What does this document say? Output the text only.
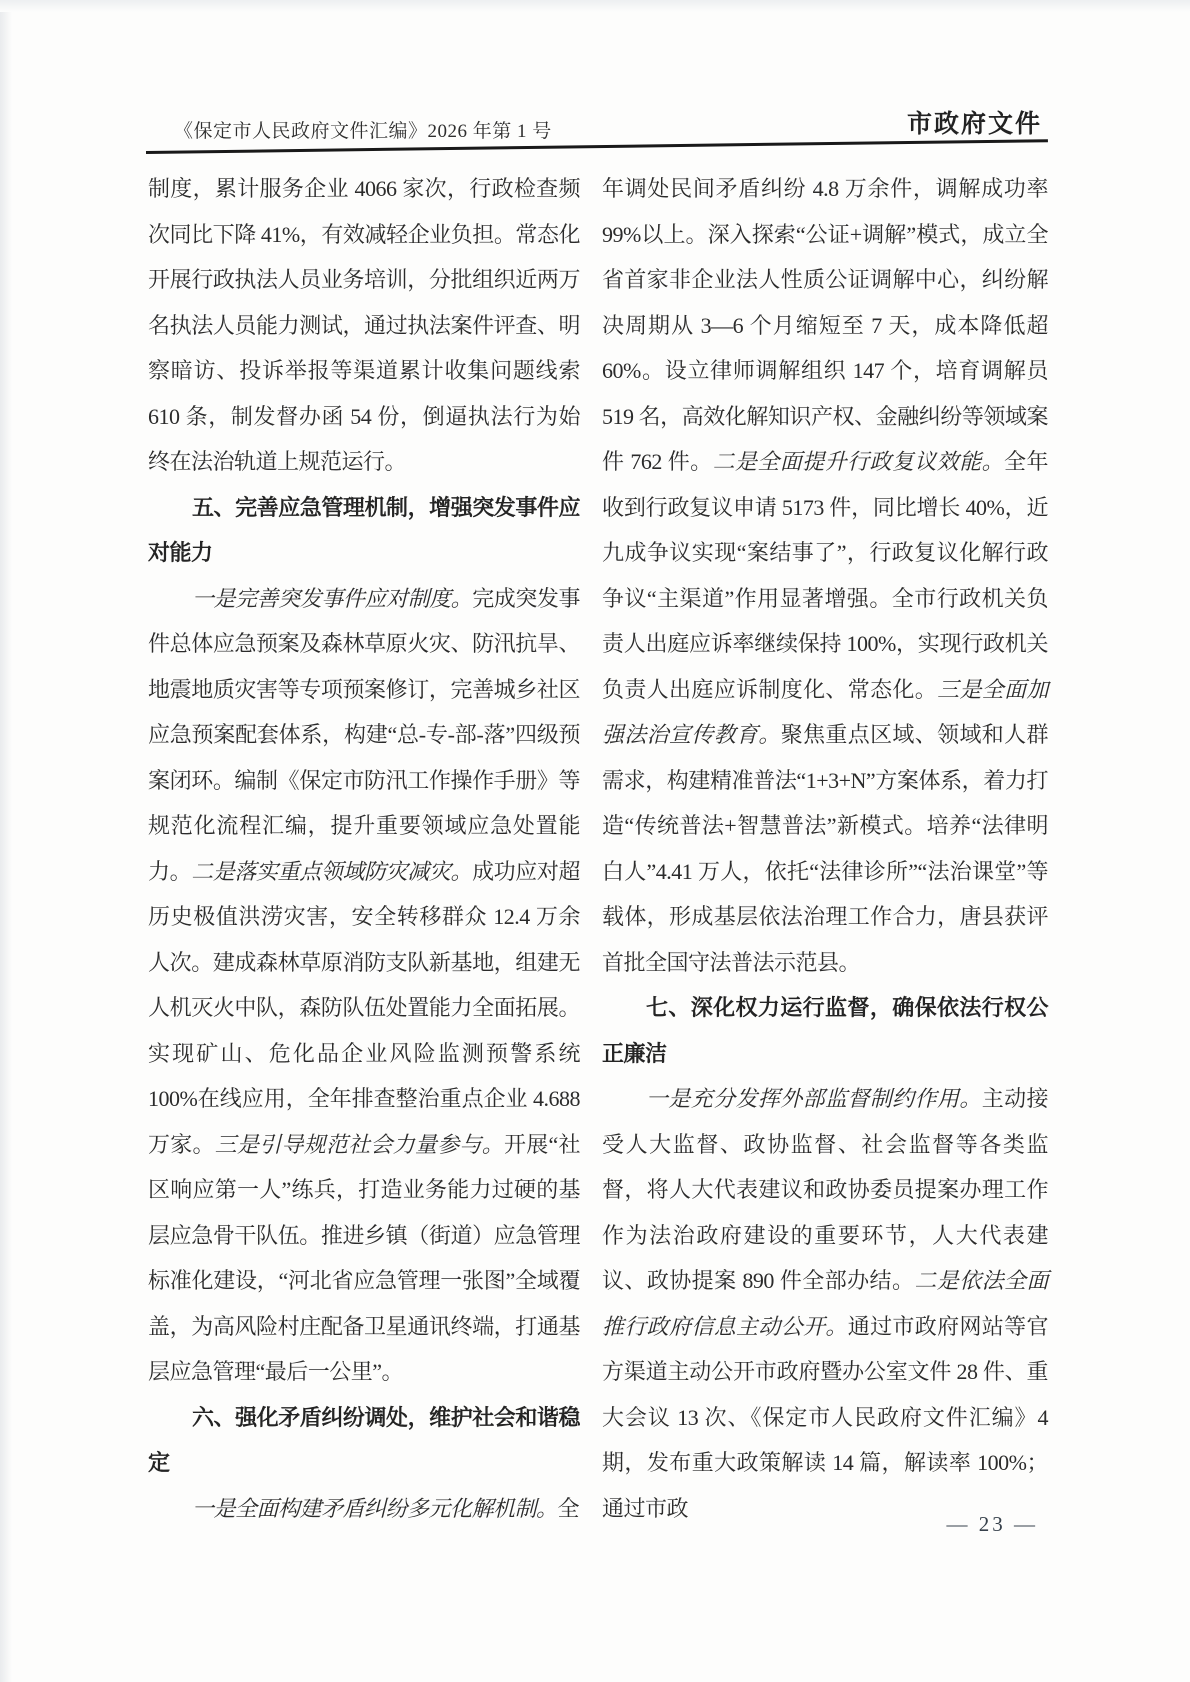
《保定市人民政府文件汇编》2026 年第 1 号	市政府文件

制度，累计服务企业 4066 家次，行政检查频次同比下降 41%，有效减轻企业负担。常态化开展行政执法人员业务培训，分批组织近两万名执法人员能力测试，通过执法案件评查、明察暗访、投诉举报等渠道累计收集问题线索 610 条，制发督办函 54 份，倒逼执法行为始终在法治轨道上规范运行。

五、完善应急管理机制，增强突发事件应对能力

一是完善突发事件应对制度。完成突发事件总体应急预案及森林草原火灾、防汛抗旱、地震地质灾害等专项预案修订，完善城乡社区应急预案配套体系，构建“总-专-部-落”四级预案闭环。编制《保定市防汛工作操作手册》等规范化流程汇编，提升重要领域应急处置能力。二是落实重点领域防灾减灾。成功应对超历史极值洪涝灾害，安全转移群众 12.4 万余人次。建成森林草原消防支队新基地，组建无人机灭火中队，森防队伍处置能力全面拓展。实现矿山、危化品企业风险监测预警系统 100%在线应用，全年排查整治重点企业 4.688 万家。三是引导规范社会力量参与。开展“社区响应第一人”练兵，打造业务能力过硬的基层应急骨干队伍。推进乡镇（街道）应急管理标准化建设，“河北省应急管理一张图”全域覆盖，为高风险村庄配备卫星通讯终端，打通基层应急管理“最后一公里”。

六、强化矛盾纠纷调处，维护社会和谐稳定

一是全面构建矛盾纠纷多元化解机制。全

年调处民间矛盾纠纷 4.8 万余件，调解成功率 99%以上。深入探索“公证+调解”模式，成立全省首家非企业法人性质公证调解中心，纠纷解决周期从 3—6 个月缩短至 7 天，成本降低超 60%。设立律师调解组织 147 个，培育调解员 519 名，高效化解知识产权、金融纠纷等领域案件 762 件。二是全面提升行政复议效能。全年收到行政复议申请 5173 件，同比增长 40%，近九成争议实现“案结事了”，行政复议化解行政争议“主渠道”作用显著增强。全市行政机关负责人出庭应诉率继续保持 100%，实现行政机关负责人出庭应诉制度化、常态化。三是全面加强法治宣传教育。聚焦重点区域、领域和人群需求，构建精准普法“1+3+N”方案体系，着力打造“传统普法+智慧普法”新模式。培养“法律明白人”4.41 万人，依托“法律诊所”“法治课堂”等载体，形成基层依法治理工作合力，唐县获评首批全国守法普法示范县。

七、深化权力运行监督，确保依法行权公正廉洁

一是充分发挥外部监督制约作用。主动接受人大监督、政协监督、社会监督等各类监督，将人大代表建议和政协委员提案办理工作作为法治政府建设的重要环节，人大代表建议、政协提案 890 件全部办结。二是依法全面推行政府信息主动公开。通过市政府网站等官方渠道主动公开市政府暨办公室文件 28 件、重大会议 13 次、《保定市人民政府文件汇编》4 期，发布重大政策解读 14 篇，解读率 100%；通过市政

— 23 —
